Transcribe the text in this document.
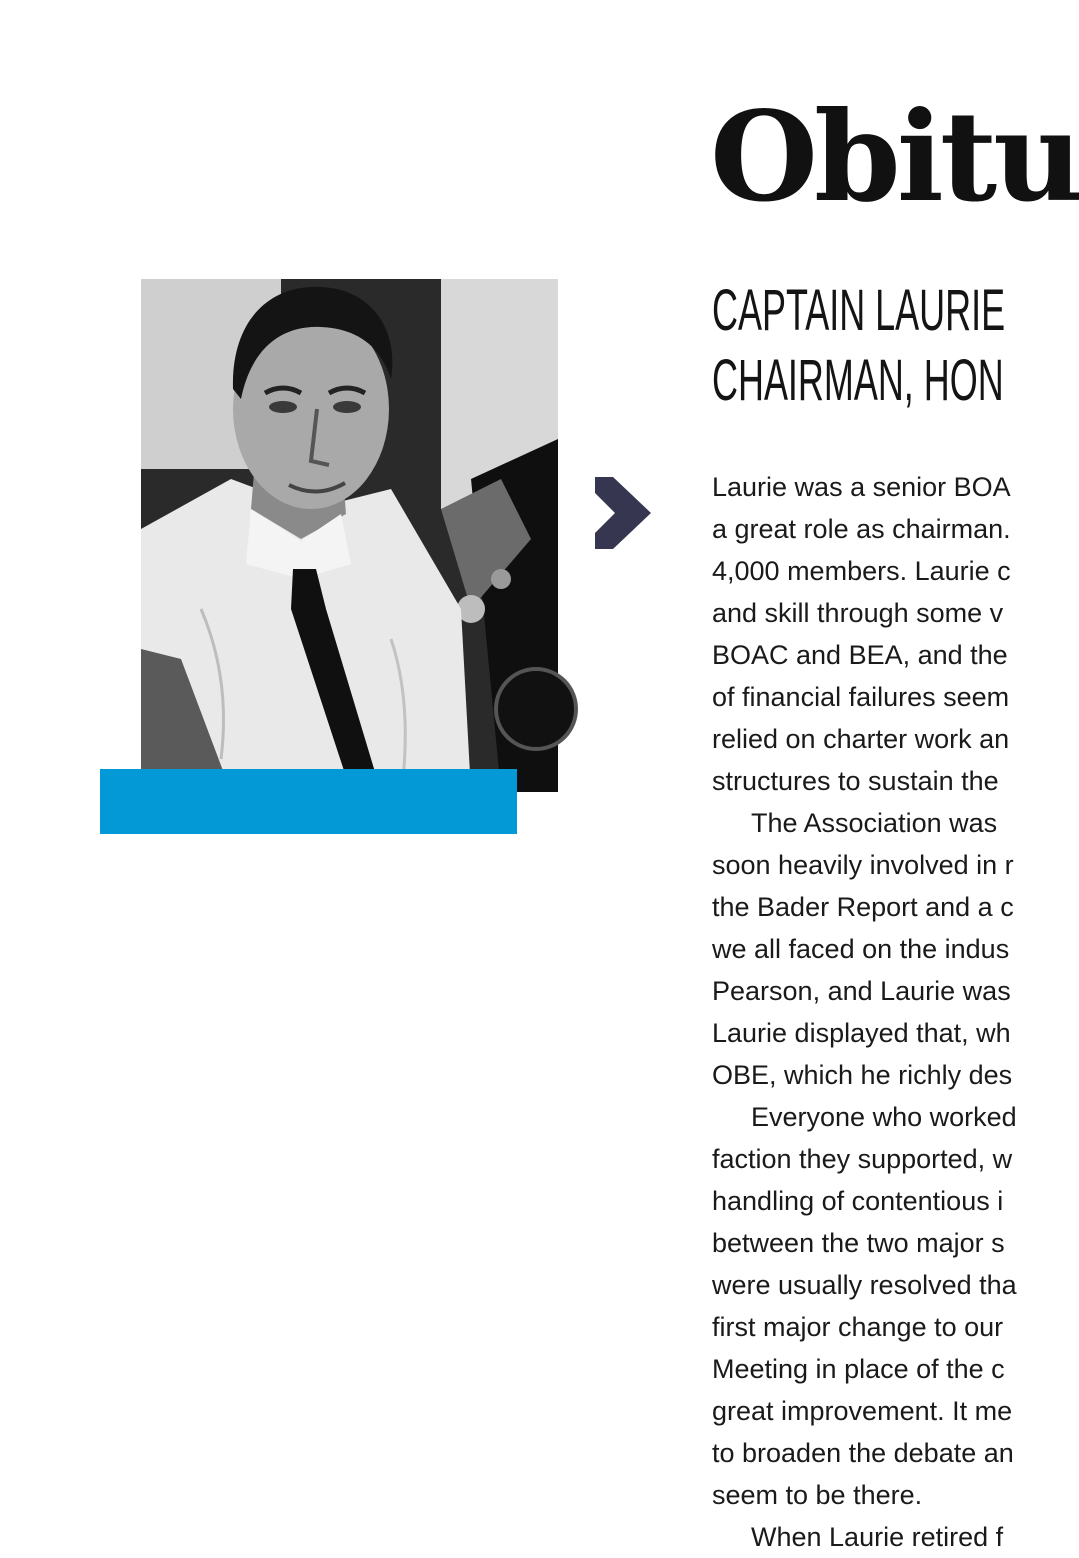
Obitu
CAPTAIN LAURIE
CHAIRMAN, HON
Laurie was a senior BOA
a great role as chairman.
4,000 members. Laurie c
and skill through some v
BOAC and BEA, and the
of financial failures seem
relied on charter work an
structures to sustain the
The Association was
soon heavily involved in r
the Bader Report and a c
we all faced on the indus
Pearson, and Laurie was
Laurie displayed that, wh
OBE, which he richly des
Everyone who worked
faction they supported, w
handling of contentious i
between the two major s
were usually resolved tha
first major change to our
Meeting in place of the c
great improvement. It me
to broaden the debate an
seem to be there.
When Laurie retired f
